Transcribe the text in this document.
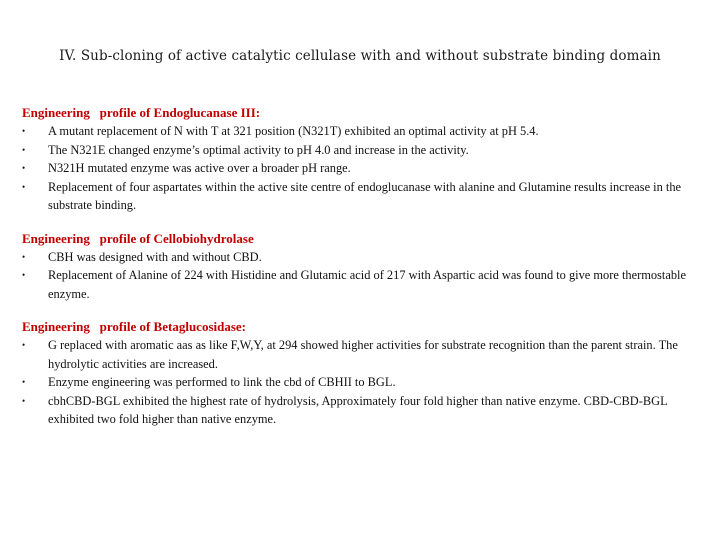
IV. Sub-cloning of active catalytic cellulase with and without substrate binding domain
Engineering   profile of Endoglucanase III:
• A mutant replacement of N with T at 321 position (N321T) exhibited an optimal activity at pH 5.4.
• The N321E changed enzyme’s optimal activity to pH 4.0 and increase in the activity.
• N321H mutated enzyme was active over a broader pH range.
• Replacement of four aspartates within the active site centre of endoglucanase with alanine and Glutamine results increase in the substrate binding.
Engineering   profile of Cellobiohydrolase
• CBH was designed with and without CBD.
• Replacement of Alanine of 224 with Histidine and Glutamic acid of 217 with Aspartic acid was found to give more thermostable enzyme.
Engineering   profile of Betaglucosidase:
• G replaced with aromatic aas as like F,W,Y, at 294 showed higher activities for substrate recognition than the parent strain. The hydrolytic activities are increased.
• Enzyme engineering was performed to link the cbd of CBHII to BGL.
• cbhCBD-BGL exhibited the highest rate of hydrolysis, Approximately four fold higher than native enzyme. CBD-CBD-BGL exhibited two fold higher than native enzyme.
